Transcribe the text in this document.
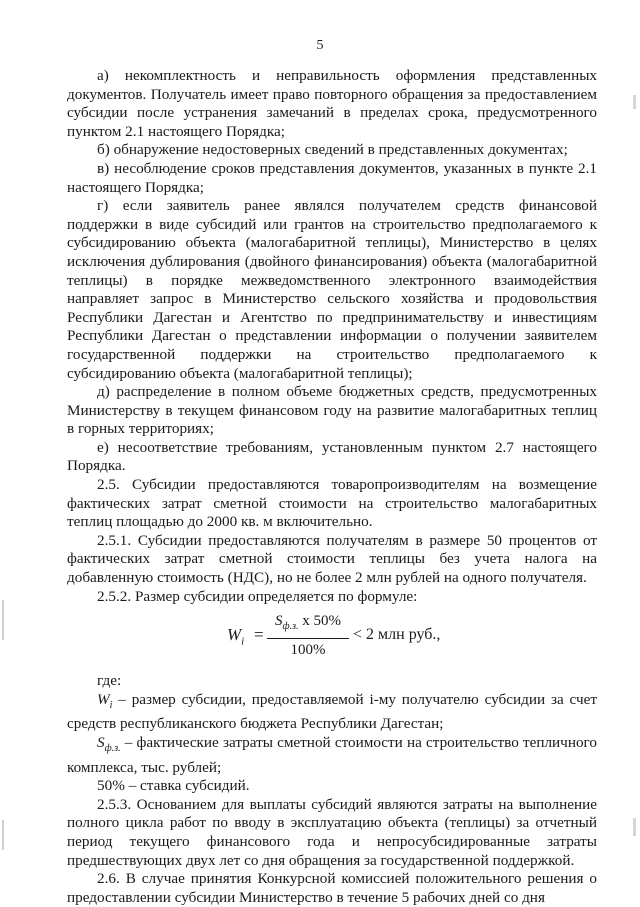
5

а) некомплектность и неправильность оформления представленных документов. Получатель имеет право повторного обращения за предоставлением субсидии после устранения замечаний в пределах срока, предусмотренного пунктом 2.1 настоящего Порядка;

б) обнаружение недостоверных сведений в представленных документах;

в) несоблюдение сроков представления документов, указанных в пункте 2.1 настоящего Порядка;

г) если заявитель ранее являлся получателем средств финансовой поддержки в виде субсидий или грантов на строительство предполагаемого к субсидированию объекта (малогабаритной теплицы), Министерство в целях исключения дублирования (двойного финансирования) объекта (малогабаритной теплицы) в порядке межведомственного электронного взаимодействия направляет запрос в Министерство сельского хозяйства и продовольствия Республики Дагестан и Агентство по предпринимательству и инвестициям Республики Дагестан о представлении информации о получении заявителем государственной поддержки на строительство предполагаемого к субсидированию объекта (малогабаритной теплицы);

д) распределение в полном объеме бюджетных средств, предусмотренных Министерству в текущем финансовом году на развитие малогабаритных теплиц в горных территориях;

е) несоответствие требованиям, установленным пунктом 2.7 настоящего Порядка.

2.5. Субсидии предоставляются товаропроизводителям на возмещение фактических затрат сметной стоимости на строительство малогабаритных теплиц площадью до 2000 кв. м включительно.

2.5.1. Субсидии предоставляются получателям в размере 50 процентов от фактических затрат сметной стоимости теплицы без учета налога на добавленную стоимость (НДС), но не более 2 млн рублей на одного получателя.

2.5.2. Размер субсидии определяется по формуле:

$W_i$ =
$S_{ф.з.}$ х 50%
100%
< 2 млн руб.,

где:

$W_i$ – размер субсидии, предоставляемой i-му получателю субсидии за счет средств республиканского бюджета Республики Дагестан;

$S_{ф.з.}$ – фактические затраты сметной стоимости на строительство тепличного комплекса, тыс. рублей;

50% – ставка субсидий.

2.5.3. Основанием для выплаты субсидий являются затраты на выполнение полного цикла работ по вводу в эксплуатацию объекта (теплицы) за отчетный период текущего финансового года и непросубсидированные затраты предшествующих двух лет со дня обращения за государственной поддержкой.

2.6. В случае принятия Конкурсной комиссией положительного решения о предоставлении субсидии Министерство в течение 5 рабочих дней со дня
